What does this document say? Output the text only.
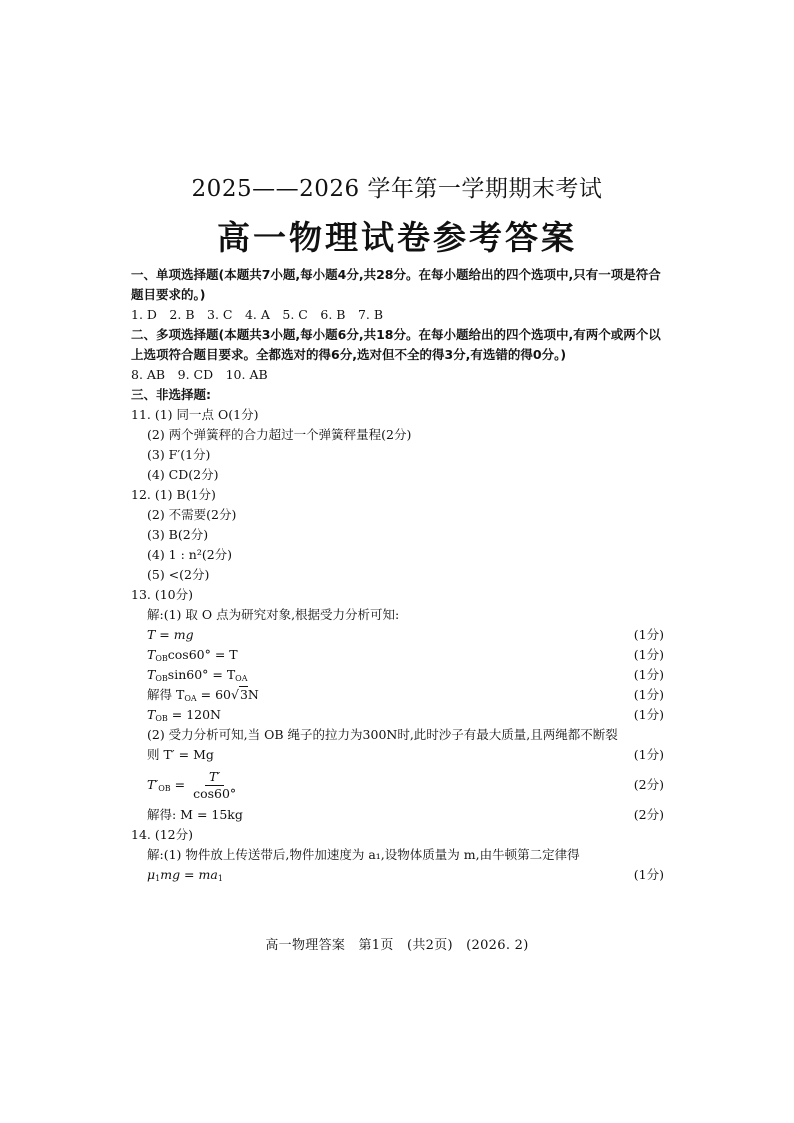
2025——2026 学年第一学期期末考试
高一物理试卷参考答案
一、单项选择题(本题共7小题,每小题4分,共28分。在每小题给出的四个选项中,只有一项是符合题目要求的。)
1. D　2. B　3. C　4. A　5. C　6. B　7. B
二、多项选择题(本题共3小题,每小题6分,共18分。在每小题给出的四个选项中,有两个或两个以上选项符合题目要求。全都选对的得6分,选对但不全的得3分,有选错的得0分。)
8. AB　9. CD　10. AB
三、非选择题:
11. (1) 同一点 O(1分)
(2) 两个弹簧秤的合力超过一个弹簧秤量程(2分)
(3) F′(1分)
(4) CD(2分)
12. (1) B(1分)
(2) 不需要(2分)
(3) B(2分)
(4) 1 : n²(2分)
(5) <(2分)
13. (10分)
解:(1) 取 O 点为研究对象,根据受力分析可知:
T = mg	(1分)
$T_{OB}\cos 60^\circ = T$	(1分)
$T_{OB}\sin 60^\circ = T_{OA}$	(1分)
解得 $T_{OA} = 60√3N$	(1分)
$T_{OB} = 120N$	(1分)
(2) 受力分析可知,当 OB 绳子的拉力为300N时,此时沙子有最大质量,且两绳都不断裂
则 T′ = Mg	(1分)
$T'_{OB} = \frac{T'}{\cos 60^\circ}$	(2分)
解得: M = 15kg	(2分)
14. (12分)
解:(1) 物件放上传送带后,物件加速度为 a₁,设物体质量为 m,由牛顿第二定律得
$\mu_1mg = ma_1$	(1分)
高一物理答案　第1页　(共2页)　(2026. 2)
